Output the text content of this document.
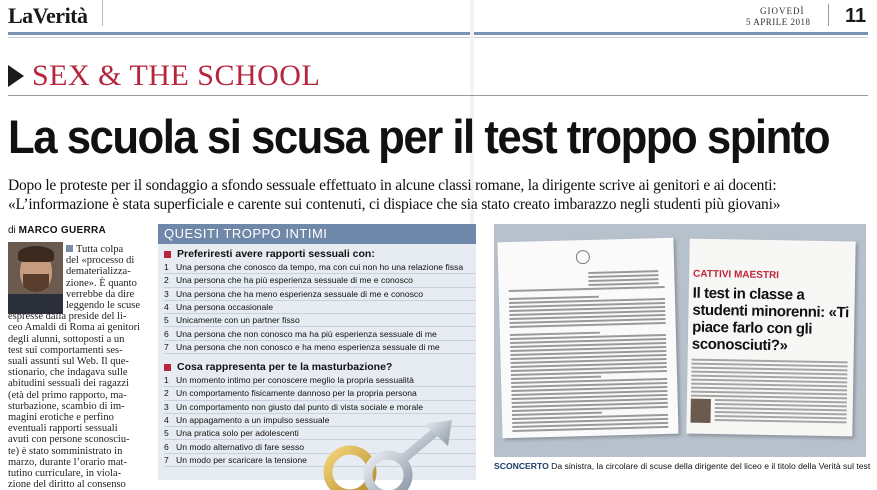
LaVerità	GIOVEDÌ
5 APRILE 2018 11
SEX & THE SCHOOL
La scuola si scusa per il test troppo spinto
Dopo le proteste per il sondaggio a sfondo sessuale effettuato in alcune classi romane, la dirigente scrive ai genitori e ai docenti:
«L’informazione è stata superficiale e carente sui contenuti, ci dispiace che sia stato creato imbarazzo negli studenti più giovani»
di MARCO GUERRA
Tutta colpa
del «processo di
dematerializza-
zione». È quanto
verrebbe da dire
leggendo le scuse
espresse dalla preside del li-
ceo Amaldi di Roma ai genitori
degli alunni, sottoposti a un
test sui comportamenti ses-
suali assunti sul Web. Il que-
stionario, che indagava sulle
abitudini sessuali dei ragazzi
(età del primo rapporto, ma-
sturbazione, scambio di im-
magini erotiche e perfino
eventuali rapporti sessuali
avuti con persone sconosciu-
te) è stato somministrato in
marzo, durante l’orario mat-
tutino curriculare, in viola-
zione del diritto al consenso
QUESITI TROPPO INTIMI
Preferiresti avere rapporti sessuali con:
1 Una persona che conosco da tempo, ma con cui non ho una relazione fissa
2 Una persona che ha più esperienza sessuale di me e conosco
3 Una persona che ha meno esperienza sessuale di me e conosco
4 Una persona occasionale
5 Unicamente con un partner fisso
6 Una persona che non conosco ma ha più esperienza sessuale di me
7 Una persona che non conosco e ha meno esperienza sessuale di me
Cosa rappresenta per te la masturbazione?
1 Un momento intimo per conoscere meglio la propria sessualità
2 Un comportamento fisicamente dannoso per la propria persona
3 Un comportamento non giusto dal punto di vista sociale e morale
4 Un appagamento a un impulso sessuale
5 Una pratica solo per adolescenti
6 Un modo alternativo di fare sesso
7 Un modo per scaricare la tensione
CATTIVI MAESTRI
Il test in classe a studenti minorenni: «Ti piace farlo con gli sconosciuti?»
SCONCERTO Da sinistra, la circolare di scuse della dirigente del liceo e il titolo della Verità sul test
